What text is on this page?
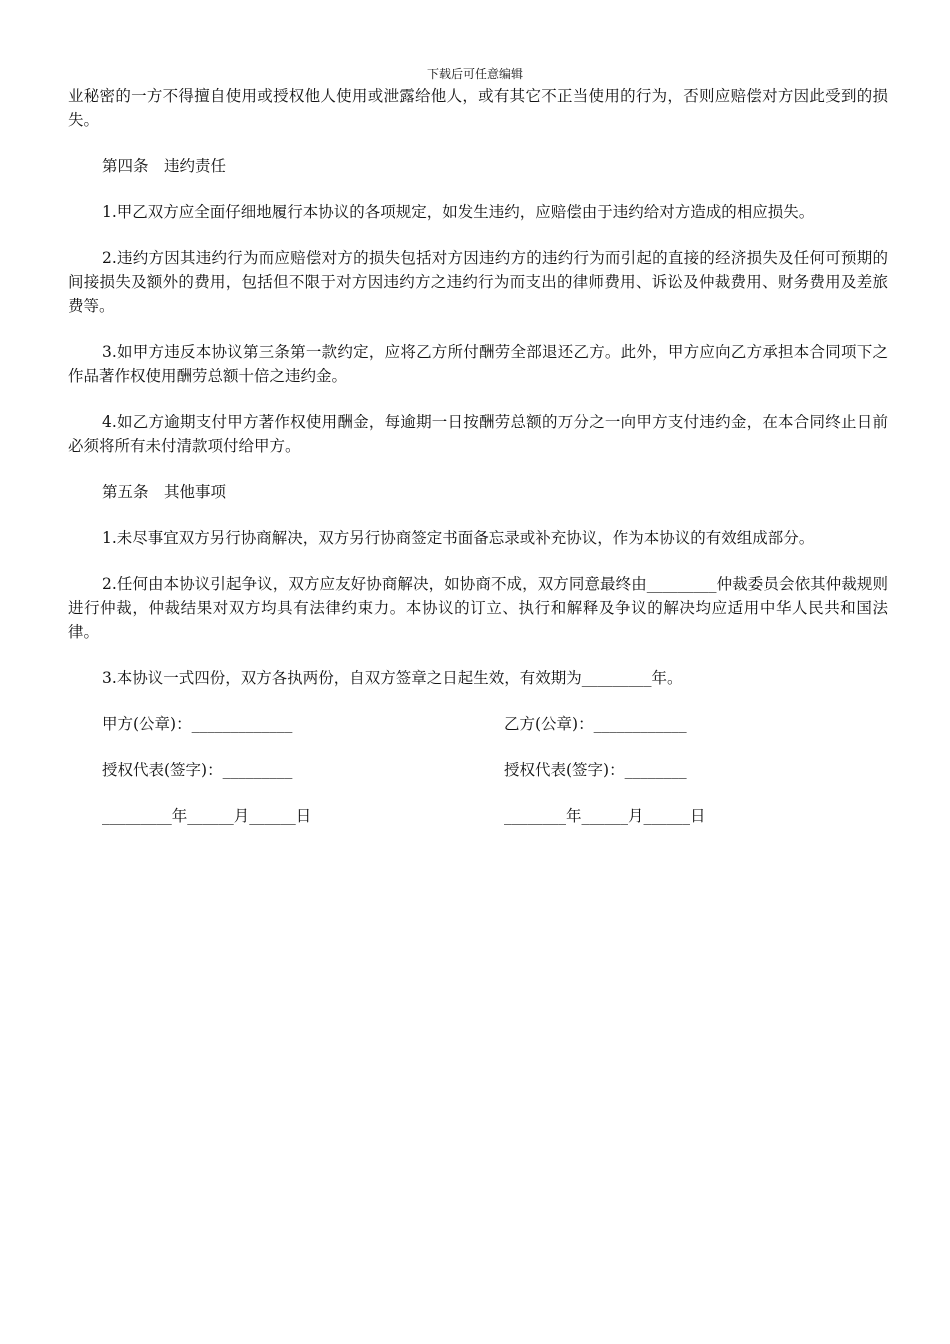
下载后可任意编辑

业秘密的一方不得擅自使用或授权他人使用或泄露给他人，或有其它不正当使用的行为，否则应赔偿对方因此受到的损失。

第四条　违约责任

1.甲乙双方应全面仔细地履行本协议的各项规定，如发生违约，应赔偿由于违约给对方造成的相应损失。

2.违约方因其违约行为而应赔偿对方的损失包括对方因违约方的违约行为而引起的直接的经济损失及任何可预期的间接损失及额外的费用，包括但不限于对方因违约方之违约行为而支出的律师费用、诉讼及仲裁费用、财务费用及差旅费等。

3.如甲方违反本协议第三条第一款约定，应将乙方所付酬劳全部退还乙方。此外，甲方应向乙方承担本合同项下之作品著作权使用酬劳总额十倍之违约金。

4.如乙方逾期支付甲方著作权使用酬金，每逾期一日按酬劳总额的万分之一向甲方支付违约金，在本合同终止日前必须将所有未付清款项付给甲方。

第五条　其他事项

1.未尽事宜双方另行协商解决，双方另行协商签定书面备忘录或补充协议，作为本协议的有效组成部分。

2.任何由本协议引起争议，双方应友好协商解决，如协商不成，双方同意最终由_________仲裁委员会依其仲裁规则进行仲裁，仲裁结果对双方均具有法律约束力。本协议的订立、执行和解释及争议的解决均应适用中华人民共和国法律。

3.本协议一式四份，双方各执两份，自双方签章之日起生效，有效期为_________年。

甲方(公章)：_____________	乙方(公章)：____________
授权代表(签字)：_________	授权代表(签字)：________
_________年______月______日	________年______月______日
